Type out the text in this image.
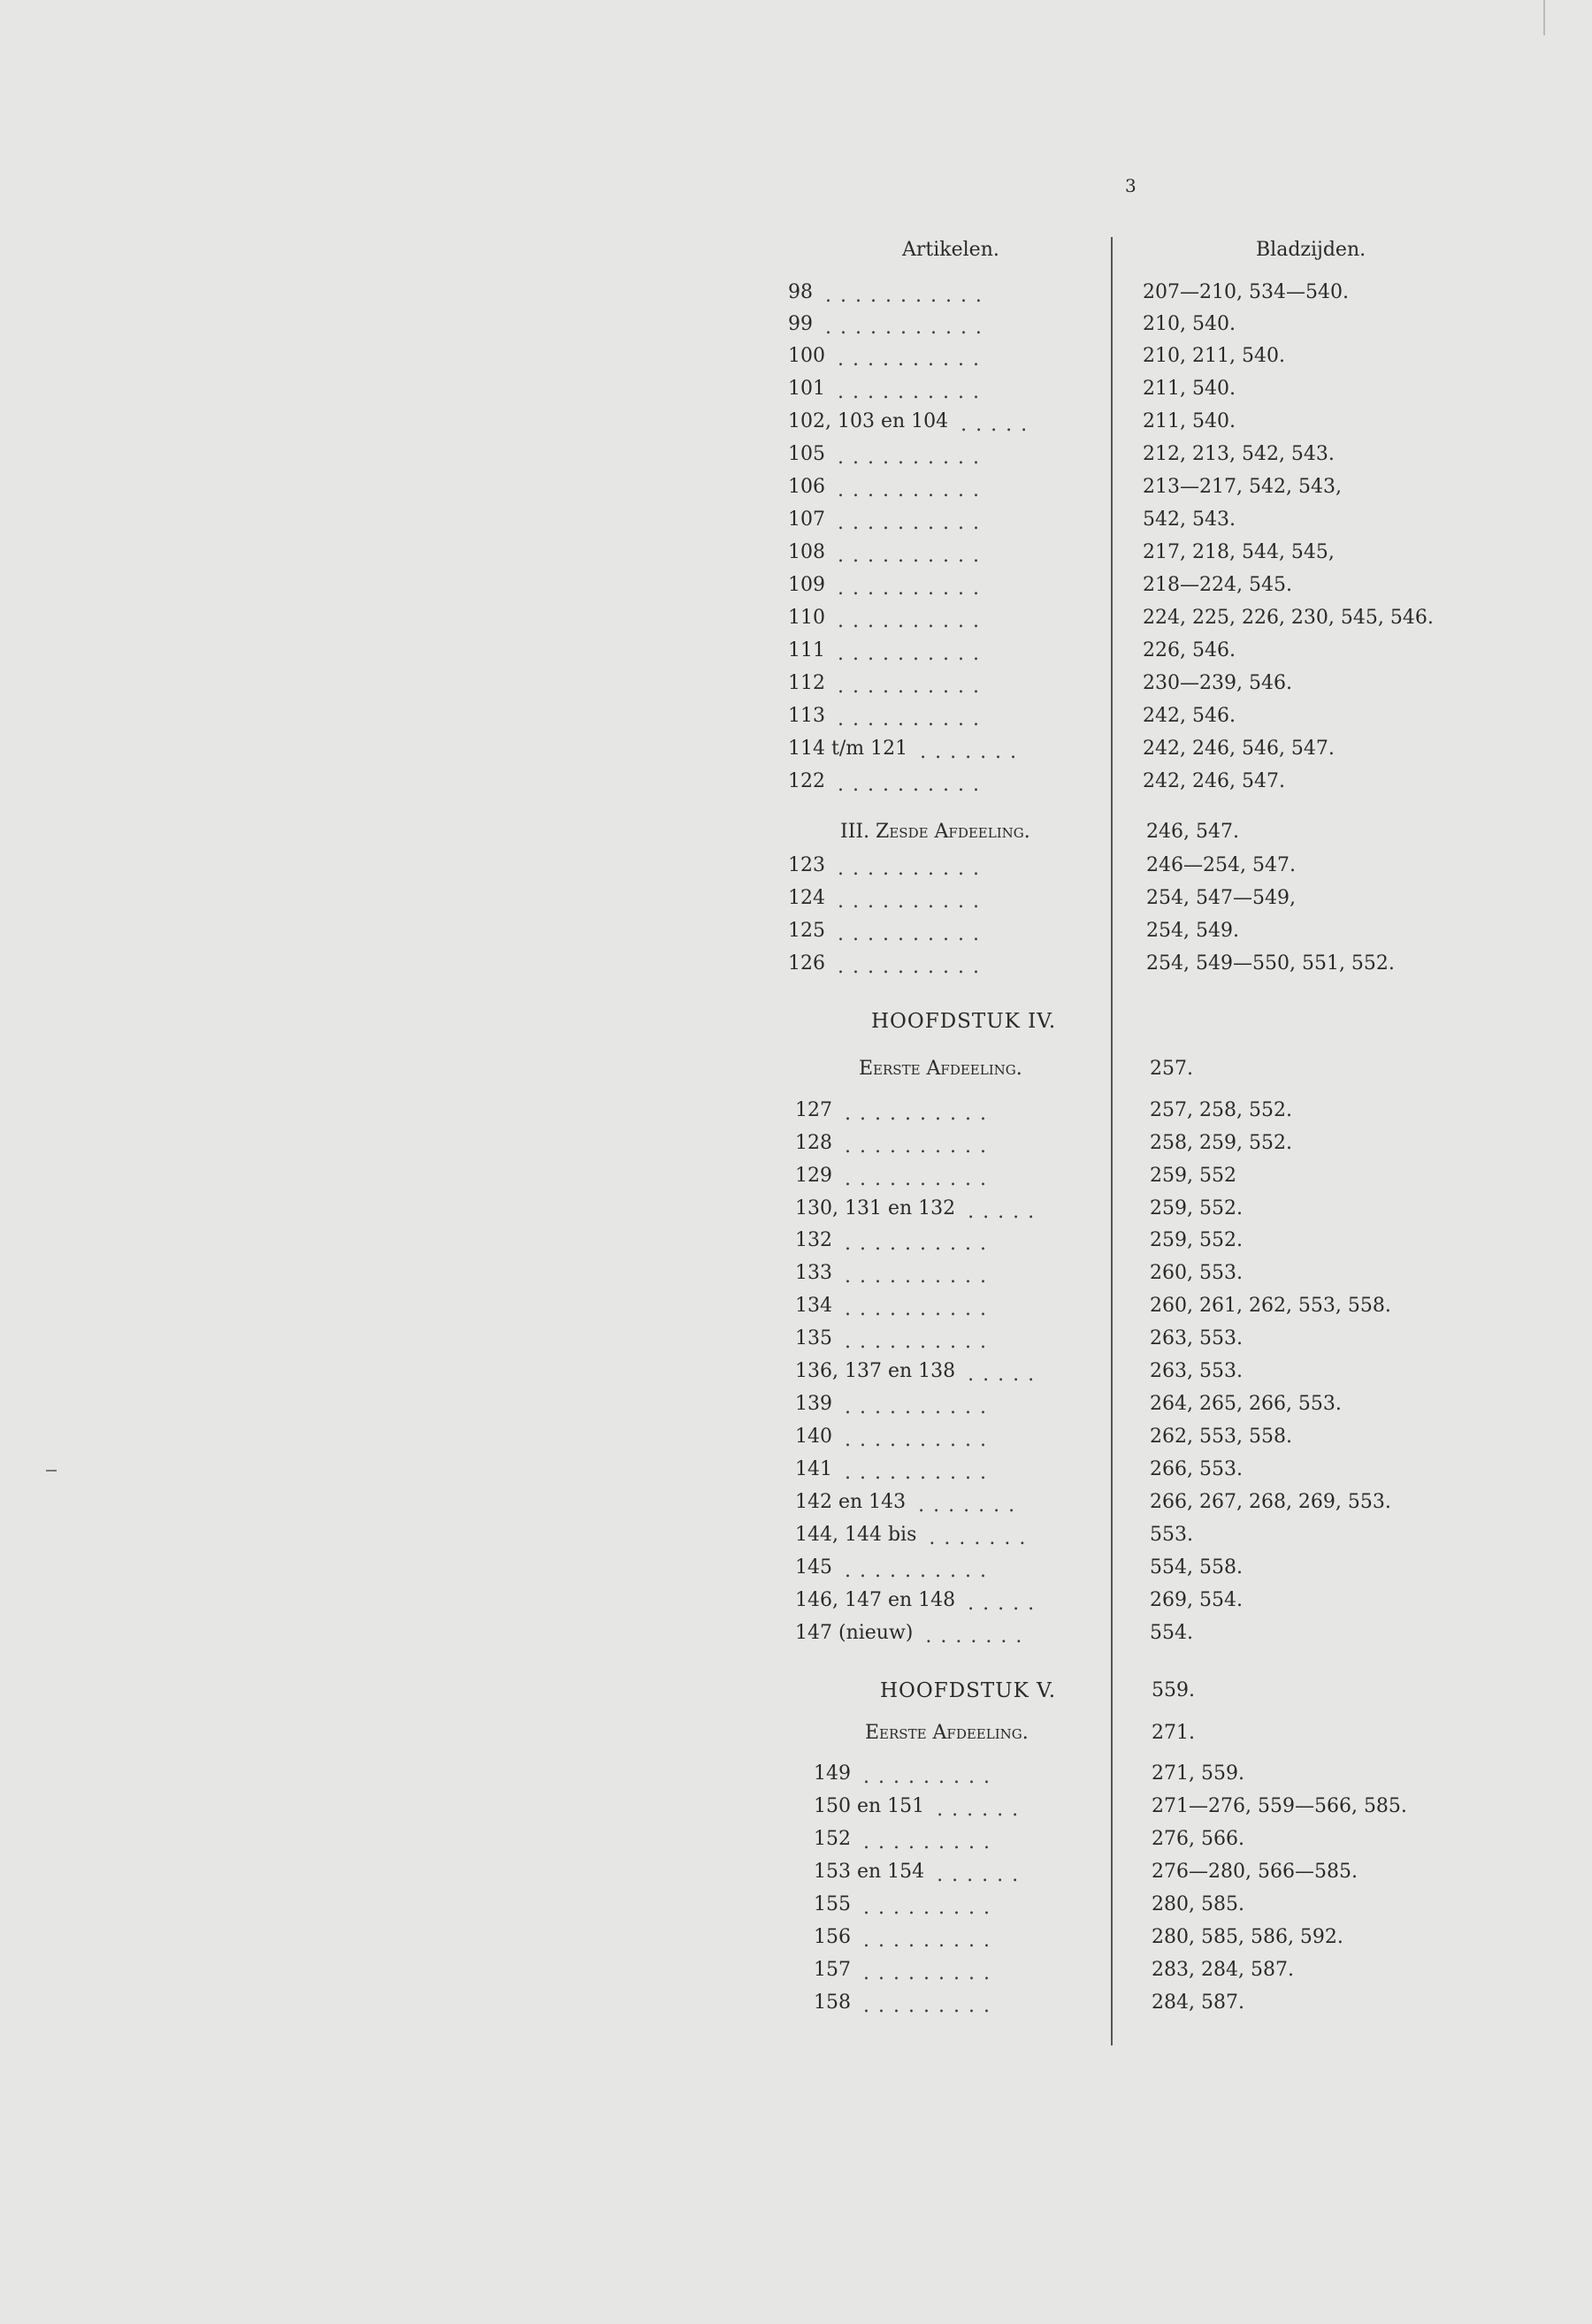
3
Artikelen.	Bladzijden.
98 ...........	207—210, 534—540.
99 ...........	210, 540.
100 ..........	210, 211, 540.
101 ..........	211, 540.
102, 103 en 104 .....	211, 540.
105 ..........	212, 213, 542, 543.
106 ..........	213—217, 542, 543,
107 ..........	542, 543.
108 ..........	217, 218, 544, 545,
109 ..........	218—224, 545.
110 ..........	224, 225, 226, 230, 545, 546.
111 ..........	226, 546.
112 ..........	230—239, 546.
113 ..........	242, 546.
114 t/m 121 .......	242, 246, 546, 547.
122 ..........	242, 246, 547.
III. Zesde Afdeeling.	246, 547.
123 ..........	246—254, 547.
124 ..........	254, 547—549,
125 ..........	254, 549.
126 ..........	254, 549—550, 551, 552.
HOOFDSTUK IV.
Eerste Afdeeling.	257.
127 ..........	257, 258, 552.
128 ..........	258, 259, 552.
129 ..........	259, 552
130, 131 en 132 .....	259, 552.
132 ..........	259, 552.
133 ..........	260, 553.
134 ..........	260, 261, 262, 553, 558.
135 ..........	263, 553.
136, 137 en 138 .....	263, 553.
139 ..........	264, 265, 266, 553.
140 ..........	262, 553, 558.
141 ..........	266, 553.
142 en 143 .......	266, 267, 268, 269, 553.
144, 144 bis .......	553.
145 ..........	554, 558.
146, 147 en 148 .....	269, 554.
147 (nieuw) .......	554.
HOOFDSTUK V.	559.
Eerste Afdeeling.	271.
149 .........	271, 559.
150 en 151 ......	271—276, 559—566, 585.
152 .........	276, 566.
153 en 154 ......	276—280, 566—585.
155 .........	280, 585.
156 .........	280, 585, 586, 592.
157 .........	283, 284, 587.
158 .........	284, 587.
